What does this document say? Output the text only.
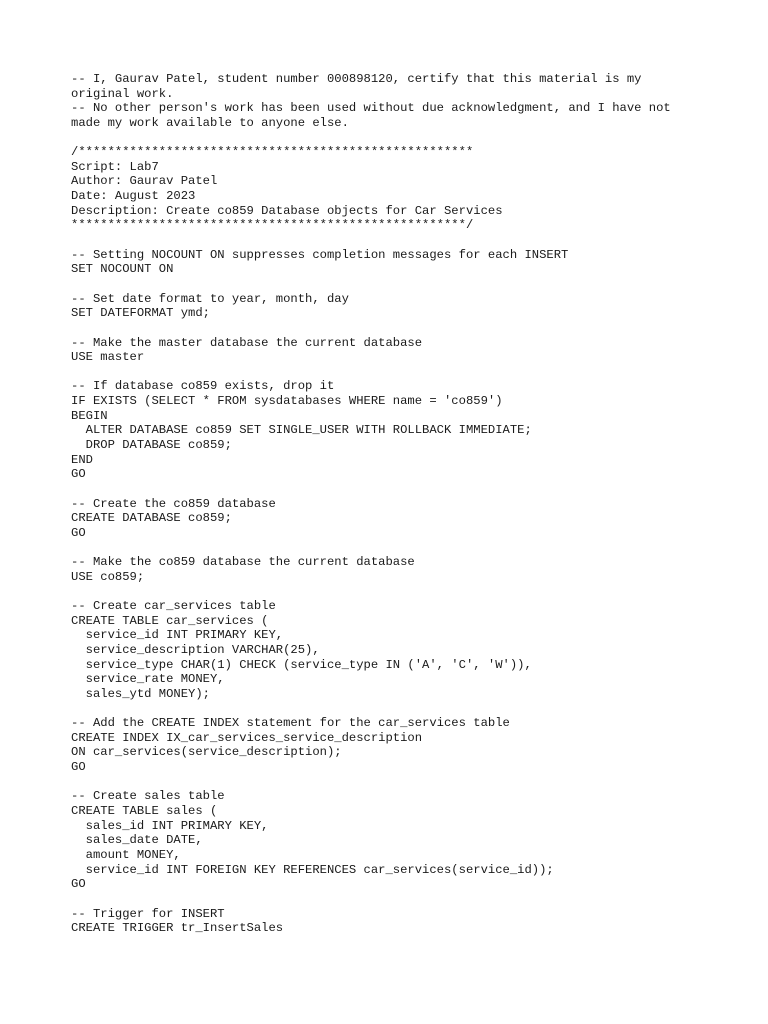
-- I, Gaurav Patel, student number 000898120, certify that this material is my
original work.
-- No other person's work has been used without due acknowledgment, and I have not
made my work available to anyone else.
/******************************************************
Script: Lab7
Author: Gaurav Patel
Date: August 2023
Description: Create co859 Database objects for Car Services
******************************************************/
-- Setting NOCOUNT ON suppresses completion messages for each INSERT
SET NOCOUNT ON
-- Set date format to year, month, day
SET DATEFORMAT ymd;
-- Make the master database the current database
USE master
-- If database co859 exists, drop it
IF EXISTS (SELECT * FROM sysdatabases WHERE name = 'co859')
BEGIN
ALTER DATABASE co859 SET SINGLE_USER WITH ROLLBACK IMMEDIATE;
DROP DATABASE co859;
END
GO
-- Create the co859 database
CREATE DATABASE co859;
GO
-- Make the co859 database the current database
USE co859;
-- Create car_services table
CREATE TABLE car_services (
service_id INT PRIMARY KEY,
service_description VARCHAR(25),
service_type CHAR(1) CHECK (service_type IN ('A', 'C', 'W')),
service_rate MONEY,
sales_ytd MONEY);
-- Add the CREATE INDEX statement for the car_services table
CREATE INDEX IX_car_services_service_description
ON car_services(service_description);
GO
-- Create sales table
CREATE TABLE sales (
sales_id INT PRIMARY KEY,
sales_date DATE,
amount MONEY,
service_id INT FOREIGN KEY REFERENCES car_services(service_id));
GO
-- Trigger for INSERT
CREATE TRIGGER tr_InsertSales
